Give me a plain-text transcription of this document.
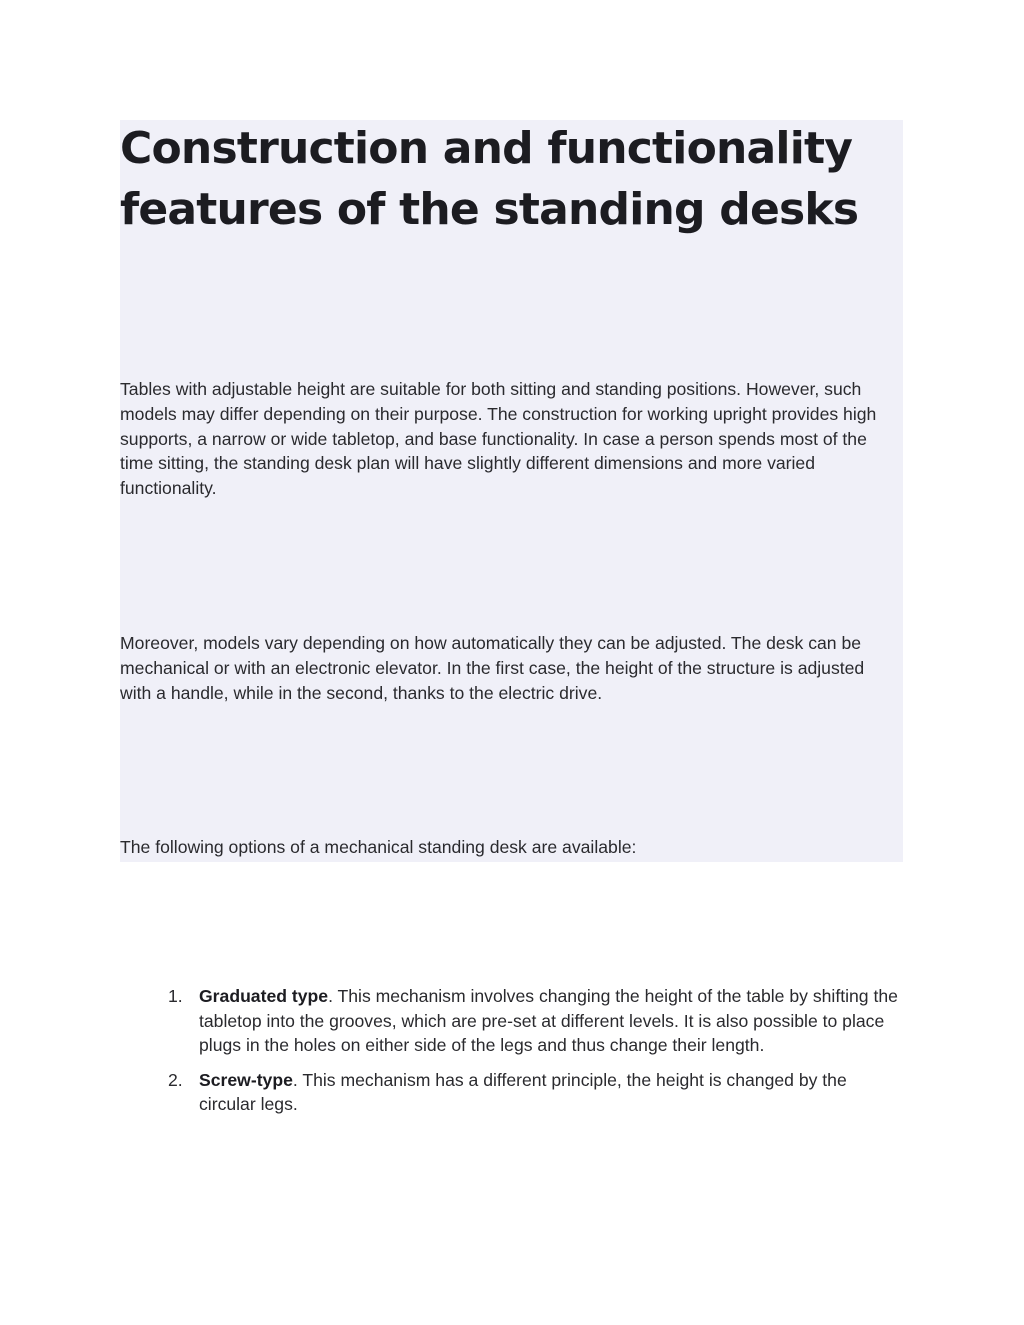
Construction and functionality features of the standing desks

Tables with adjustable height are suitable for both sitting and standing positions. However, such models may differ depending on their purpose. The construction for working upright provides high supports, a narrow or wide tabletop, and base functionality. In case a person spends most of the time sitting, the standing desk plan will have slightly different dimensions and more varied functionality.

Moreover, models vary depending on how automatically they can be adjusted. The desk can be mechanical or with an electronic elevator. In the first case, the height of the structure is adjusted with a handle, while in the second, thanks to the electric drive.

The following options of a mechanical standing desk are available:

1. Graduated type. This mechanism involves changing the height of the table by shifting the tabletop into the grooves, which are pre-set at different levels. It is also possible to place plugs in the holes on either side of the legs and thus change their length.
2. Screw-type. This mechanism has a different principle, the height is changed by the circular legs.
